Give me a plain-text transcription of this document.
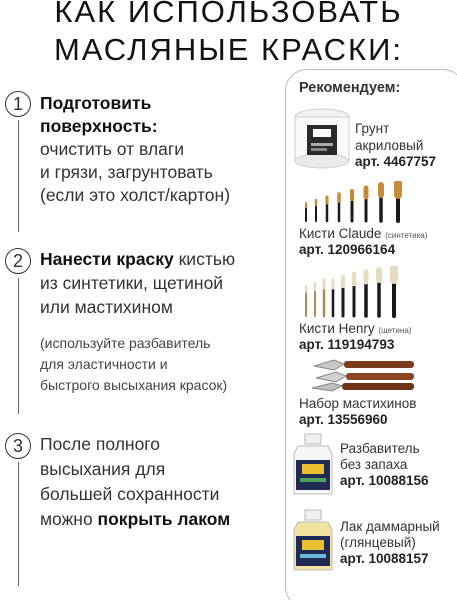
КАК ИСПОЛЬЗОВАТЬ
МАСЛЯНЫЕ КРАСКИ:
1 Подготовить
поверхность:
очистить от влаги
и грязи, загрунтовать
(если это холст/картон)
2 Нанести краску кистью
из синтетики, щетиной
или мастихином
(используйте разбавитель
для эластичности и
быстрого высыхания красок)
3 После полного
высыхания для
большей сохранности
можно покрыть лаком
Рекомендуем:
Грунт
акриловый
арт. 4467757
Кисти Claude (синтетика)
арт. 120966164
Кисти Henry (щетина)
арт. 119194793
Набор мастихинов
арт. 13556960
Разбавитель
без запаха
арт. 10088156
Лак даммарный
(глянцевый)
арт. 10088157
